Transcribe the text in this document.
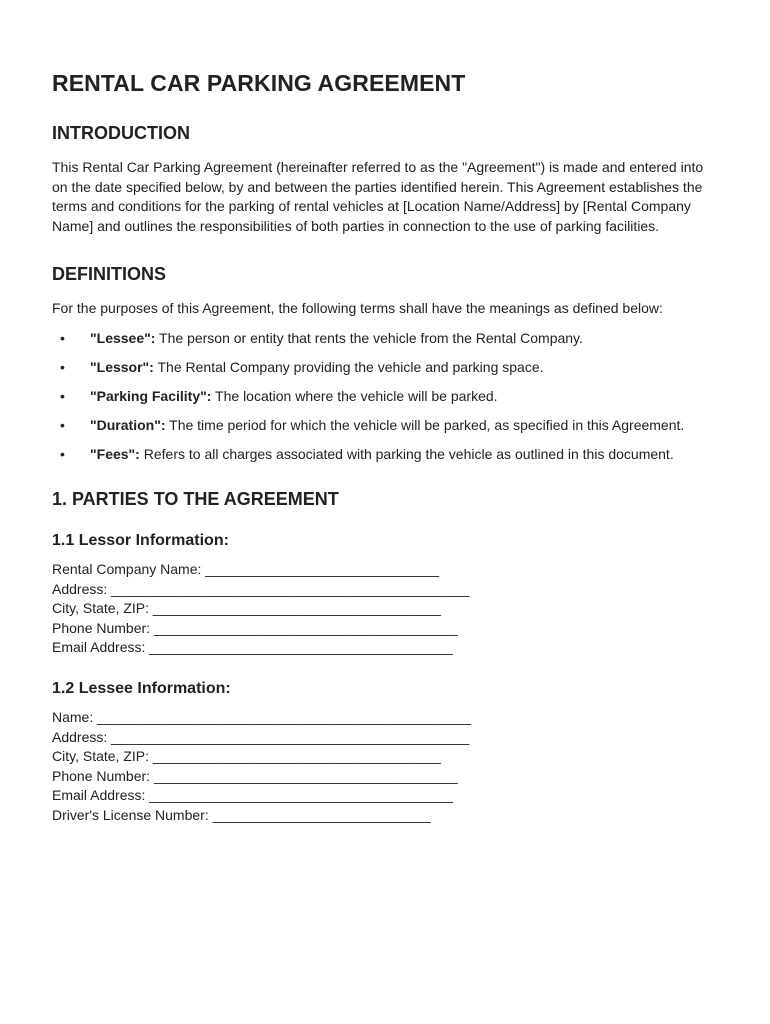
RENTAL CAR PARKING AGREEMENT
INTRODUCTION

This Rental Car Parking Agreement (hereinafter referred to as the "Agreement") is made and entered into on the date specified below, by and between the parties identified herein. This Agreement establishes the terms and conditions for the parking of rental vehicles at [Location Name/Address] by [Rental Company Name] and outlines the responsibilities of both parties in connection to the use of parking facilities.

DEFINITIONS

For the purposes of this Agreement, the following terms shall have the meanings as defined below:

• "Lessee": The person or entity that rents the vehicle from the Rental Company.
• "Lessor": The Rental Company providing the vehicle and parking space.
• "Parking Facility": The location where the vehicle will be parked.
• "Duration": The time period for which the vehicle will be parked, as specified in this Agreement.
• "Fees": Refers to all charges associated with parking the vehicle as outlined in this document.
1. PARTIES TO THE AGREEMENT
1.1 Lessor Information:
Rental Company Name: ______________________________
Address: ______________________________________________
City, State, ZIP: _____________________________________
Phone Number: _______________________________________
Email Address: _______________________________________
1.2 Lessee Information:
Name: ________________________________________________
Address: ______________________________________________
City, State, ZIP: _____________________________________
Phone Number: _______________________________________
Email Address: _______________________________________
Driver's License Number: ____________________________
